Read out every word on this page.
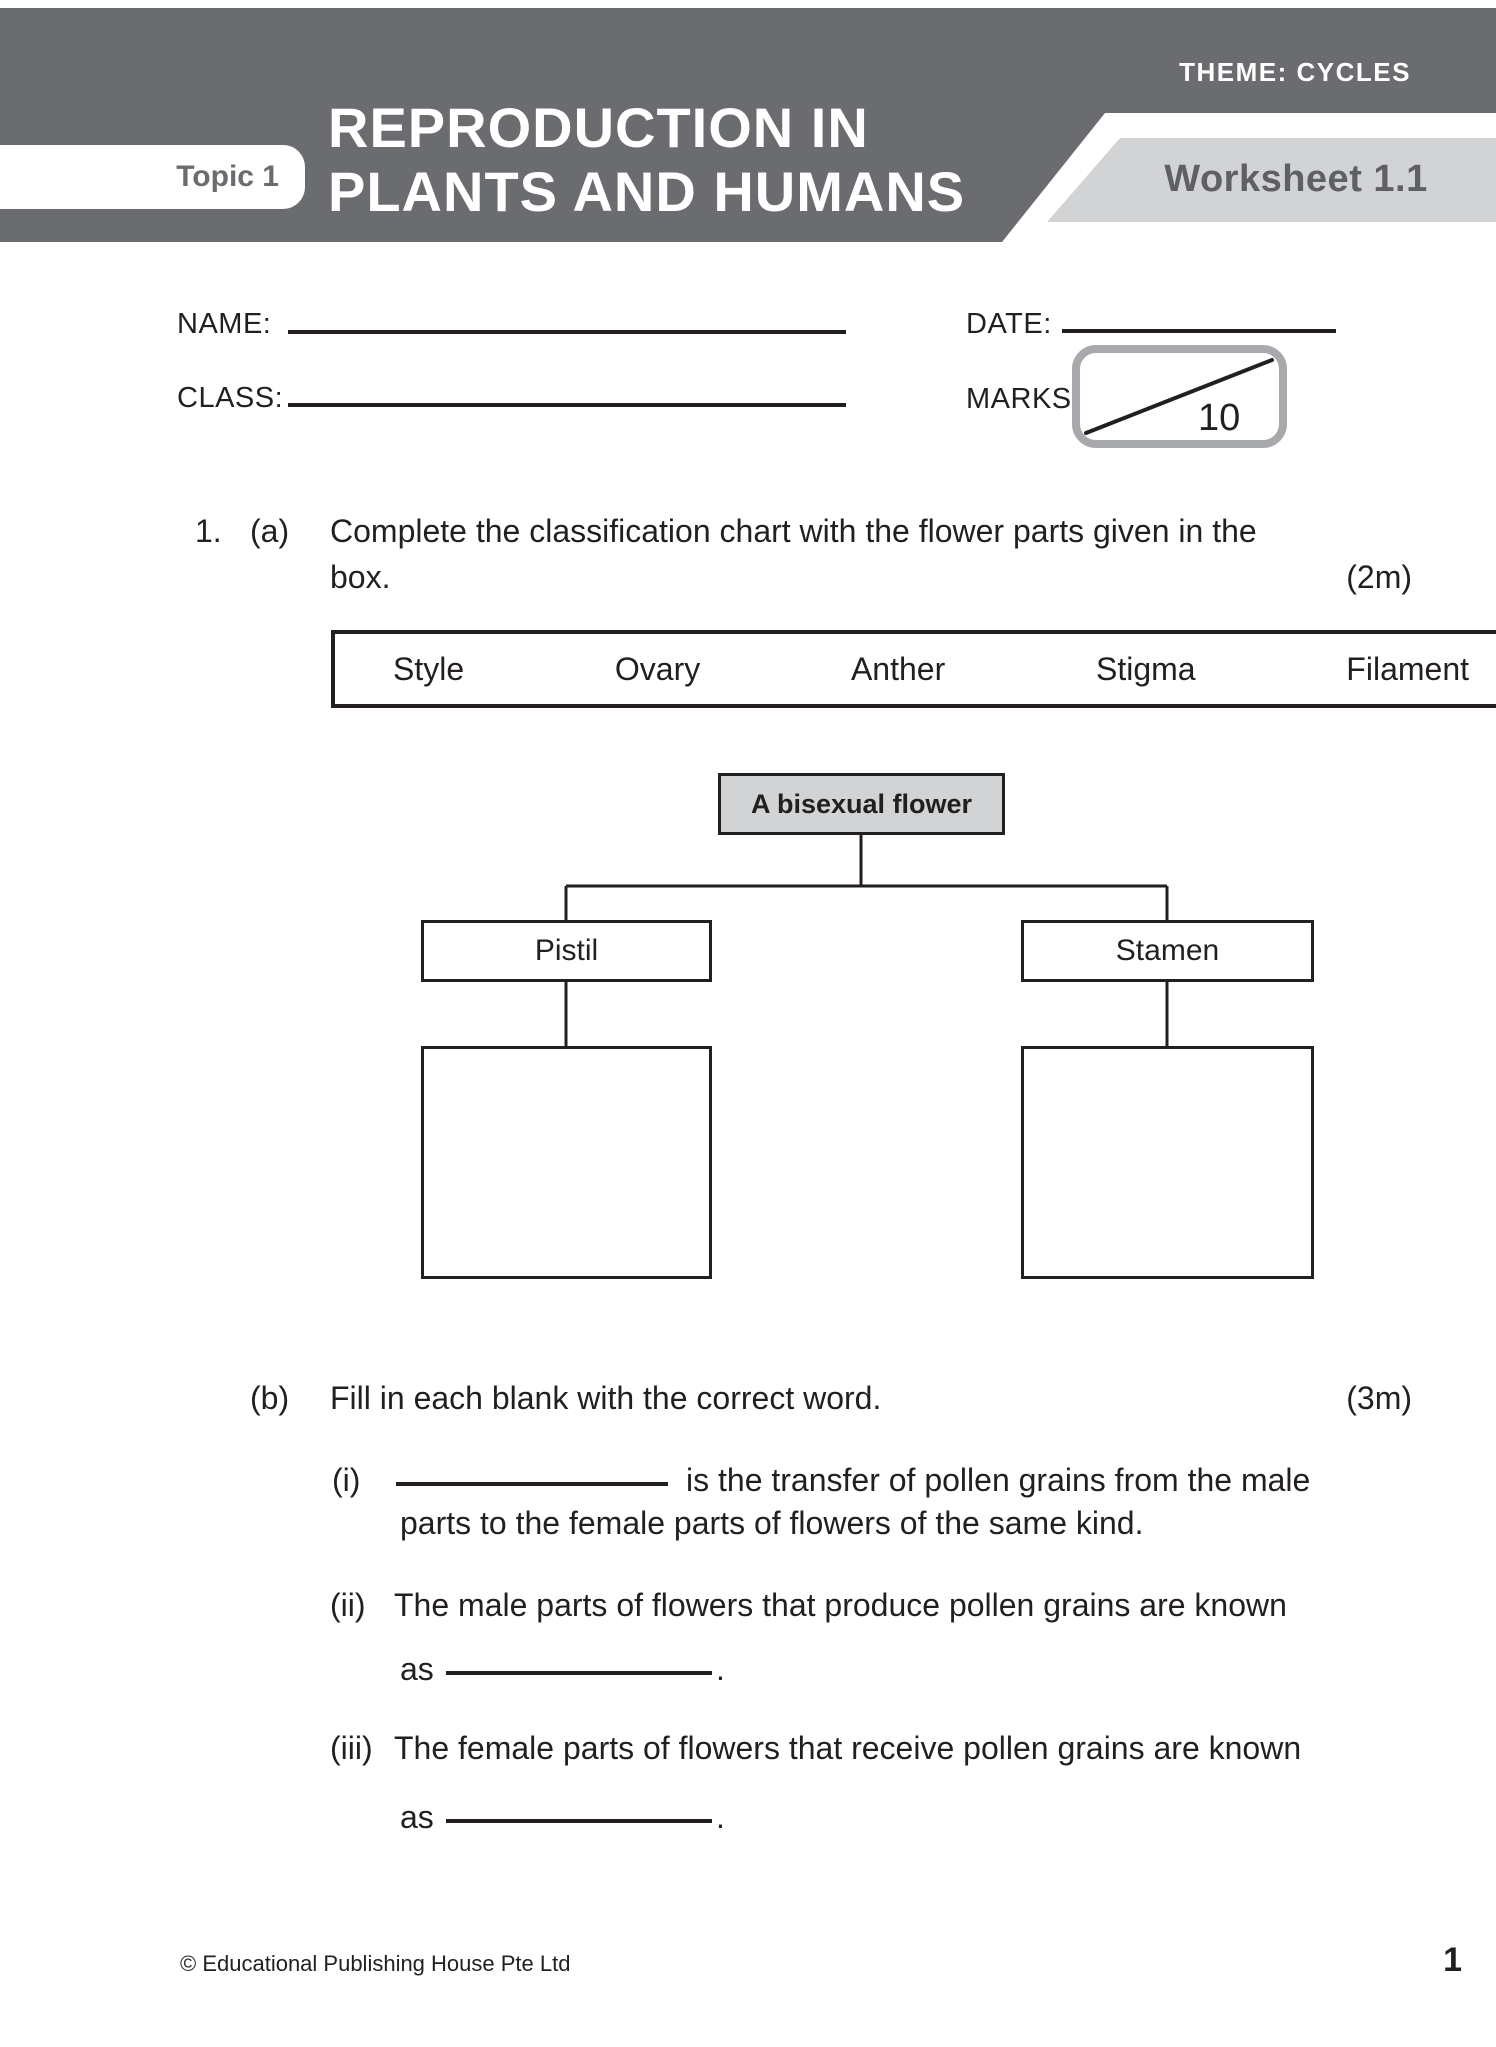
THEME: CYCLES
REPRODUCTION IN
PLANTS AND HUMANS
Topic 1	Worksheet 1.1
NAME:	DATE:
CLASS:	MARKS	10
1. (a) Complete the classification chart with the flower parts given in the
box.	(2m)
Style	Ovary	Anther	Stigma	Filament
A bisexual flower
Pistil	Stamen
(b) Fill in each blank with the correct word.	(3m)
(i)	is the transfer of pollen grains from the male
parts to the female parts of flowers of the same kind.
(ii) The male parts of flowers that produce pollen grains are known
as	.
(iii) The female parts of flowers that receive pollen grains are known
as	.
© Educational Publishing House Pte Ltd	1
